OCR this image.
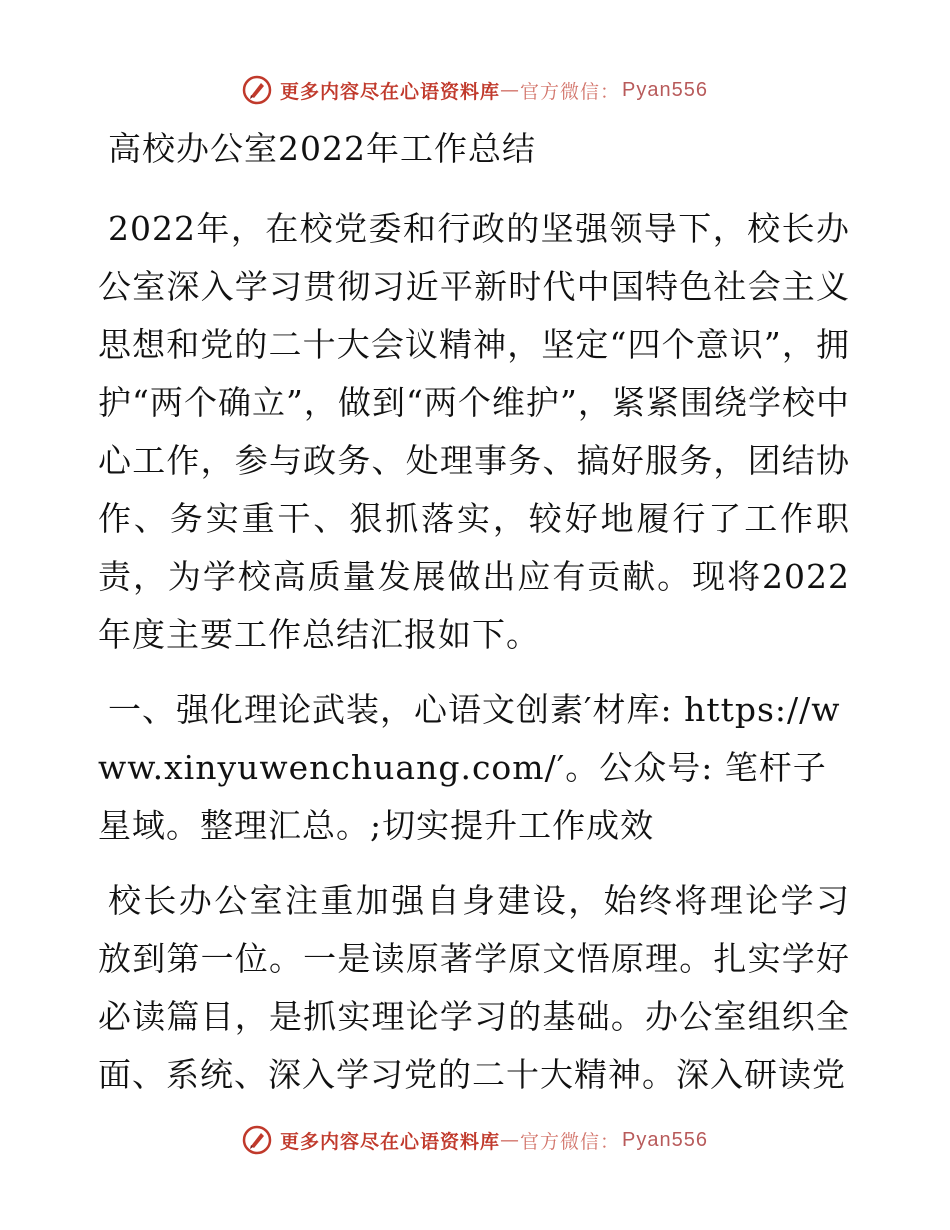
更多内容尽在心语资料库 — 官方微信： Pyan556

高校办公室2022年工作总结

2022年，在校党委和行政的坚强领导下，校长办公室深入学习贯彻习近平新时代中国特色社会主义思想和党的二十大会议精神，坚定“四个意识”，拥护“两个确立”，做到“两个维护”，紧紧围绕学校中心工作，参与政务、处理事务、搞好服务，团结协作、务实重干、狠抓落实，较好地履行了工作职责，为学校高质量发展做出应有贡献。现将2022年度主要工作总结汇报如下。

一、强化理论武装，心语文创素′材库: https://www.xinyuwenchuang.com/′。公众号: 笔杆子星域。整理汇总。;切实提升工作成效

校长办公室注重加强自身建设，始终将理论学习放到第一位。一是读原著学原文悟原理。扎实学好必读篇目，是抓实理论学习的基础。办公室组织全面、系统、深入学习党的二十大精神。深入研读党

更多内容尽在心语资料库 — 官方微信： Pyan556
